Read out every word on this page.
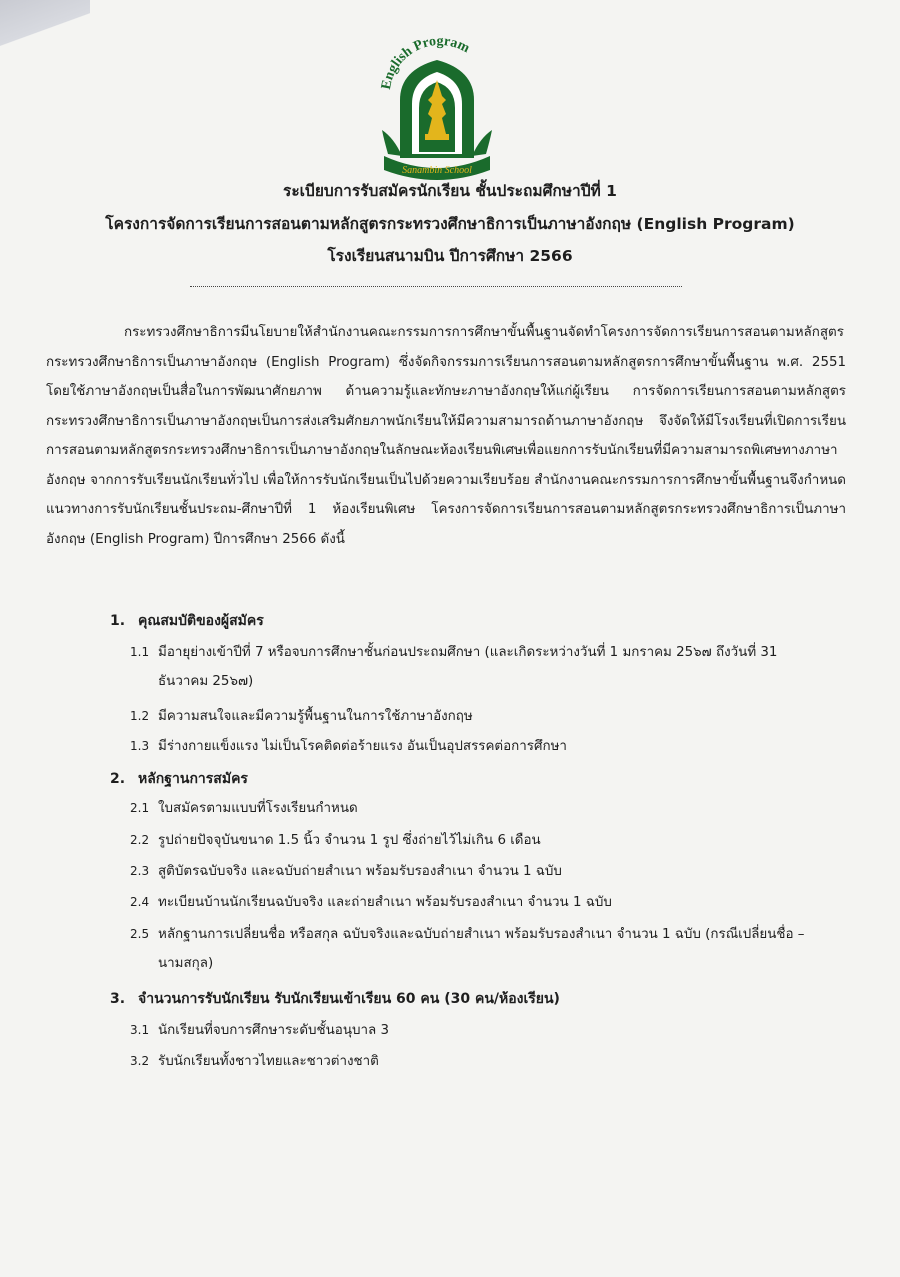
English Program
Sanambin School
ระเบียบการรับสมัครนักเรียน ชั้นประถมศึกษาปีที่ 1
โครงการจัดการเรียนการสอนตามหลักสูตรกระทรวงศึกษาธิการเป็นภาษาอังกฤษ (English Program)
โรงเรียนสนามบิน ปีการศึกษา 2566

กระทรวงศึกษาธิการมีนโยบายให้สำนักงานคณะกรรมการการศึกษาขั้นพื้นฐานจัดทำโครงการจัดการเรียนการสอนตามหลักสูตรกระทรวงศึกษาธิการเป็นภาษาอังกฤษ (English Program) ซึ่งจัดกิจกรรมการเรียนการสอนตามหลักสูตรการศึกษาขั้นพื้นฐาน พ.ศ. 2551 โดยใช้ภาษาอังกฤษเป็นสื่อในการพัฒนาศักยภาพ ด้านความรู้และทักษะภาษาอังกฤษให้แก่ผู้เรียน การจัดการเรียนการสอนตามหลักสูตรกระทรวงศึกษาธิการเป็นภาษาอังกฤษเป็นการส่งเสริมศักยภาพนักเรียนให้มีความสามารถด้านภาษาอังกฤษ จึงจัดให้มีโรงเรียนที่เปิดการเรียนการสอนตามหลักสูตรกระทรวงศึกษาธิการเป็นภาษาอังกฤษในลักษณะห้องเรียนพิเศษเพื่อแยกการรับนักเรียนที่มีความสามารถพิเศษทางภาษาอังกฤษ จากการรับเรียนนักเรียนทั่วไป เพื่อให้การรับนักเรียนเป็นไปด้วยความเรียบร้อย สำนักงานคณะกรรมการการศึกษาขั้นพื้นฐานจึงกำหนดแนวทางการรับนักเรียนชั้นประถม-ศึกษาปีที่ 1 ห้องเรียนพิเศษ โครงการจัดการเรียนการสอนตามหลักสูตรกระทรวงศึกษาธิการเป็นภาษาอังกฤษ (English Program) ปีการศึกษา 2566 ดังนี้

1. คุณสมบัติของผู้สมัคร
1.1 มีอายุย่างเข้าปีที่ 7 หรือจบการศึกษาชั้นก่อนประถมศึกษา (และเกิดระหว่างวันที่ 1 มกราคม 25๖๗ ถึงวันที่ 31 ธันวาคม 25๖๗)
1.2 มีความสนใจและมีความรู้พื้นฐานในการใช้ภาษาอังกฤษ
1.3 มีร่างกายแข็งแรง ไม่เป็นโรคติดต่อร้ายแรง อันเป็นอุปสรรคต่อการศึกษา
2. หลักฐานการสมัคร
2.1 ใบสมัครตามแบบที่โรงเรียนกำหนด
2.2 รูปถ่ายปัจจุบันขนาด 1.5 นิ้ว จำนวน 1 รูป ซึ่งถ่ายไว้ไม่เกิน 6 เดือน
2.3 สูติบัตรฉบับจริง และฉบับถ่ายสำเนา พร้อมรับรองสำเนา จำนวน 1 ฉบับ
2.4 ทะเบียนบ้านนักเรียนฉบับจริง และถ่ายสำเนา พร้อมรับรองสำเนา จำนวน 1 ฉบับ
2.5 หลักฐานการเปลี่ยนชื่อ หรือสกุล ฉบับจริงและฉบับถ่ายสำเนา พร้อมรับรองสำเนา จำนวน 1 ฉบับ (กรณีเปลี่ยนชื่อ – นามสกุล)
3. จำนวนการรับนักเรียน รับนักเรียนเข้าเรียน 60 คน (30 คน/ห้องเรียน)
3.1 นักเรียนที่จบการศึกษาระดับชั้นอนุบาล 3
3.2 รับนักเรียนทั้งชาวไทยและชาวต่างชาติ
